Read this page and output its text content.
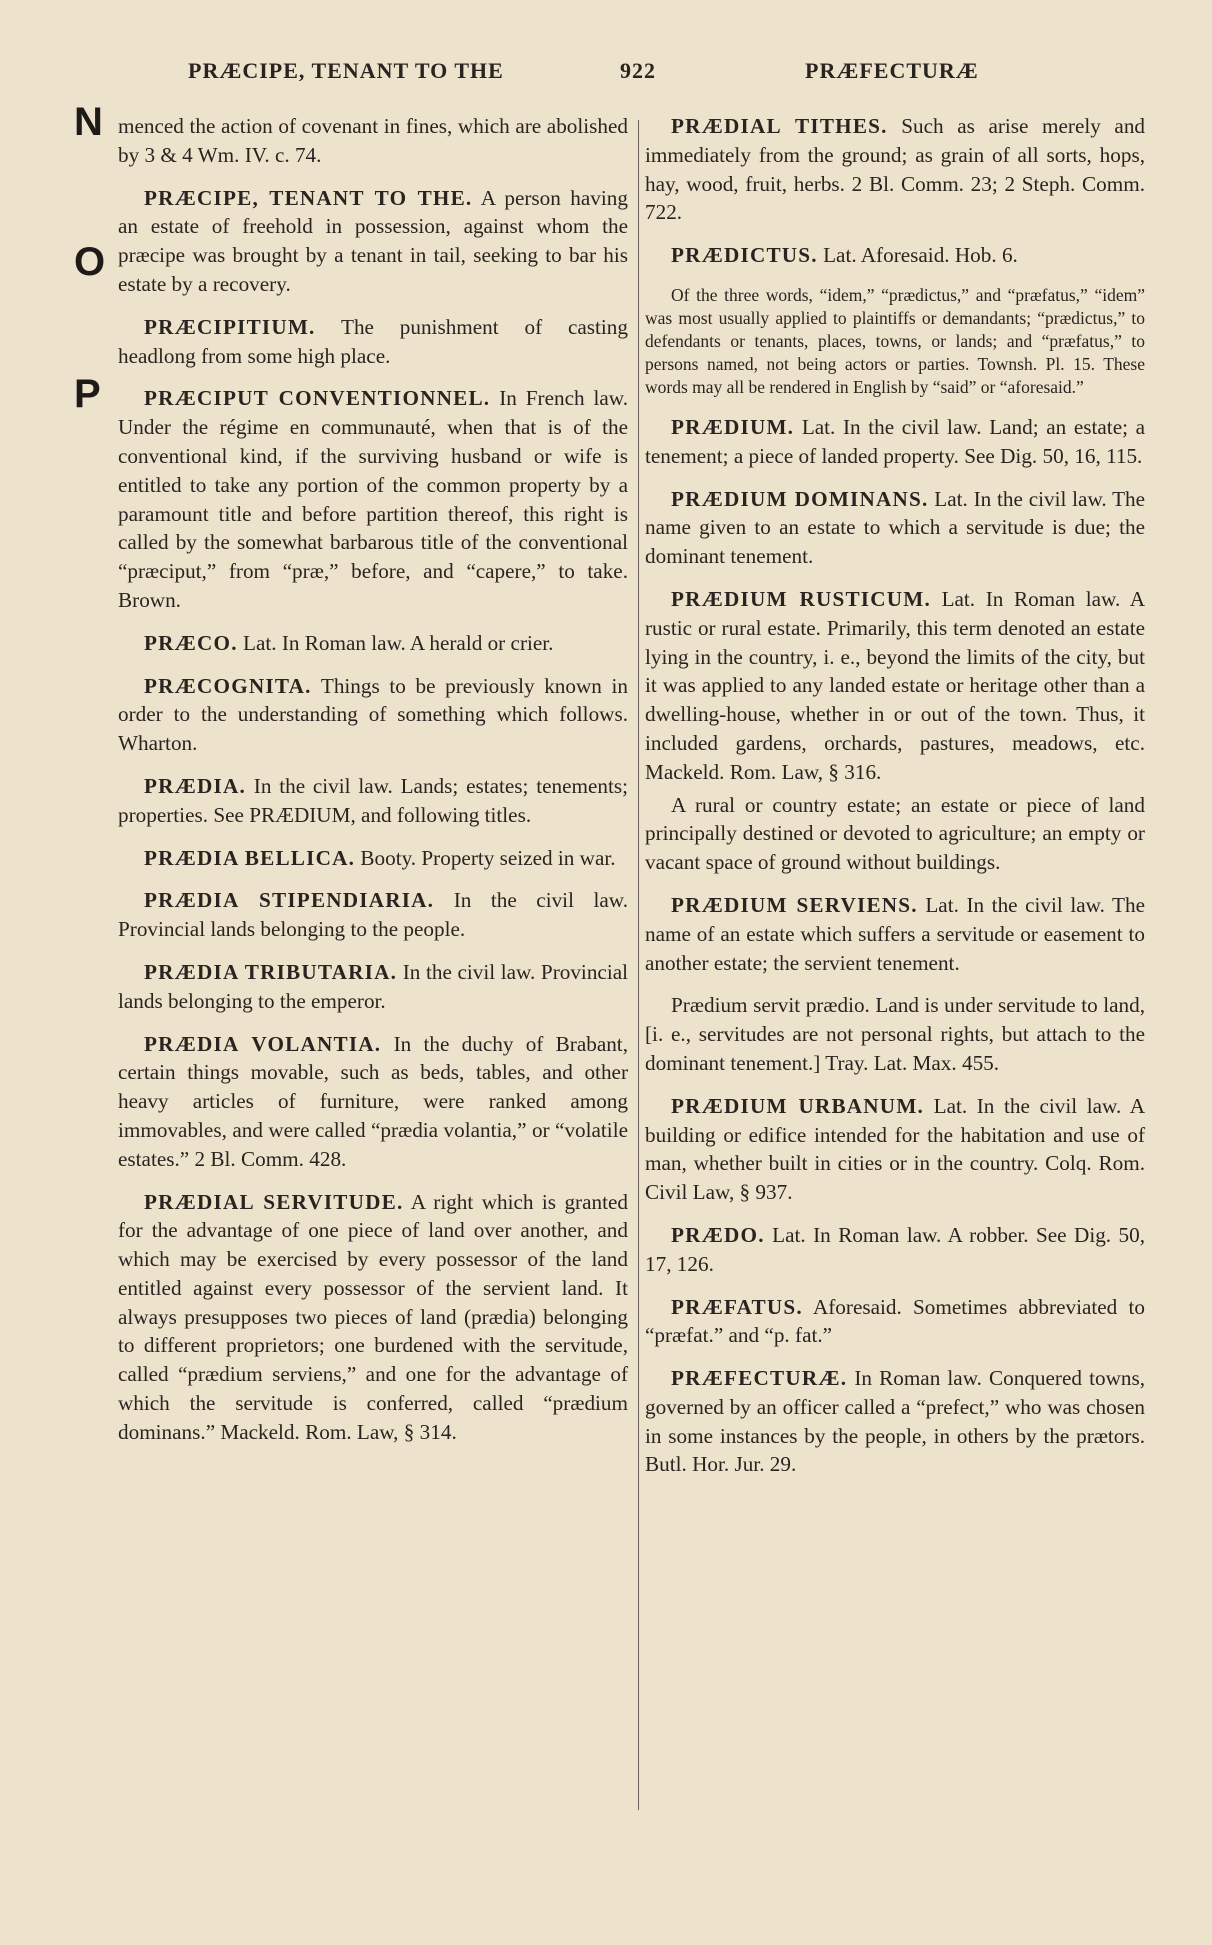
PRÆCIPE, TENANT TO THE	922	PRÆFECTURÆ
N
O
P

menced the action of covenant in fines, which are abolished by 3 & 4 Wm. IV. c. 74.

PRÆCIPE, TENANT TO THE. A person having an estate of freehold in possession, against whom the præcipe was brought by a tenant in tail, seeking to bar his estate by a recovery.

PRÆCIPITIUM. The punishment of casting headlong from some high place.

PRÆCIPUT CONVENTIONNEL. In French law. Under the régime en communauté, when that is of the conventional kind, if the surviving husband or wife is entitled to take any portion of the common property by a paramount title and before partition thereof, this right is called by the somewhat barbarous title of the conventional “præciput,” from “præ,” before, and “capere,” to take. Brown.

PRÆCO. Lat. In Roman law. A herald or crier.

PRÆCOGNITA. Things to be previously known in order to the understanding of something which follows. Wharton.

PRÆDIA. In the civil law. Lands; estates; tenements; properties. See PRÆDIUM, and following titles.

PRÆDIA BELLICA. Booty. Property seized in war.

PRÆDIA STIPENDIARIA. In the civil law. Provincial lands belonging to the people.

PRÆDIA TRIBUTARIA. In the civil law. Provincial lands belonging to the emperor.

PRÆDIA VOLANTIA. In the duchy of Brabant, certain things movable, such as beds, tables, and other heavy articles of furniture, were ranked among immovables, and were called “prædia volantia,” or “volatile estates.” 2 Bl. Comm. 428.

PRÆDIAL SERVITUDE. A right which is granted for the advantage of one piece of land over another, and which may be exercised by every possessor of the land entitled against every possessor of the servient land. It always presupposes two pieces of land (prædia) belonging to different proprietors; one burdened with the servitude, called “prædium serviens,” and one for the advantage of which the servitude is conferred, called “prædium dominans.” Mackeld. Rom. Law, § 314.

PRÆDIAL TITHES. Such as arise merely and immediately from the ground; as grain of all sorts, hops, hay, wood, fruit, herbs. 2 Bl. Comm. 23; 2 Steph. Comm. 722.

PRÆDICTUS. Lat. Aforesaid. Hob. 6.

Of the three words, “idem,” “prædictus,” and “præfatus,” “idem” was most usually applied to plaintiffs or demandants; “prædictus,” to defendants or tenants, places, towns, or lands; and “præfatus,” to persons named, not being actors or parties. Townsh. Pl. 15. These words may all be rendered in English by “said” or “aforesaid.”

PRÆDIUM. Lat. In the civil law. Land; an estate; a tenement; a piece of landed property. See Dig. 50, 16, 115.

PRÆDIUM DOMINANS. Lat. In the civil law. The name given to an estate to which a servitude is due; the dominant tenement.

PRÆDIUM RUSTICUM. Lat. In Roman law. A rustic or rural estate. Primarily, this term denoted an estate lying in the country, i. e., beyond the limits of the city, but it was applied to any landed estate or heritage other than a dwelling-house, whether in or out of the town. Thus, it included gardens, orchards, pastures, meadows, etc. Mackeld. Rom. Law, § 316.

A rural or country estate; an estate or piece of land principally destined or devoted to agriculture; an empty or vacant space of ground without buildings.

PRÆDIUM SERVIENS. Lat. In the civil law. The name of an estate which suffers a servitude or easement to another estate; the servient tenement.

Prædium servit prædio. Land is under servitude to land, [i. e., servitudes are not personal rights, but attach to the dominant tenement.] Tray. Lat. Max. 455.

PRÆDIUM URBANUM. Lat. In the civil law. A building or edifice intended for the habitation and use of man, whether built in cities or in the country. Colq. Rom. Civil Law, § 937.

PRÆDO. Lat. In Roman law. A robber. See Dig. 50, 17, 126.

PRÆFATUS. Aforesaid. Sometimes abbreviated to “præfat.” and “p. fat.”

PRÆFECTURÆ. In Roman law. Conquered towns, governed by an officer called a “prefect,” who was chosen in some instances by the people, in others by the prætors. Butl. Hor. Jur. 29.
